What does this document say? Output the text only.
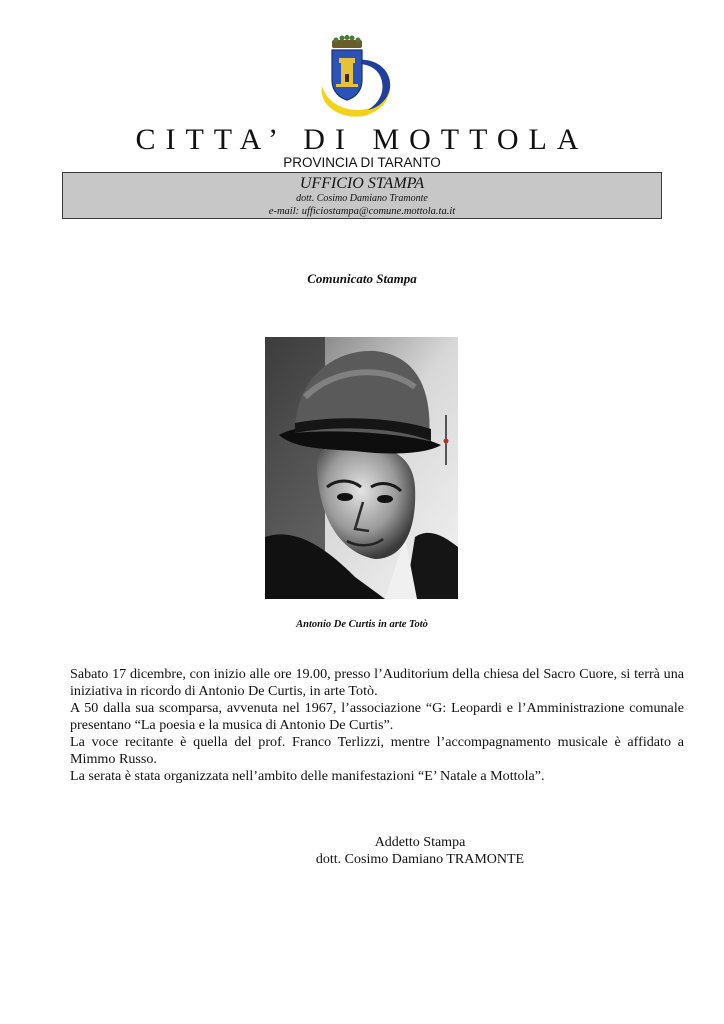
CITTA’ DI MOTTOLA
PROVINCIA DI TARANTO
UFFICIO STAMPA
dott. Cosimo Damiano Tramonte
e-mail: ufficiostampa@comune.mottola.ta.it
Comunicato Stampa
Antonio De Curtis in arte Totò

Sabato 17 dicembre, con inizio alle ore 19.00, presso l’Auditorium della chiesa del Sacro Cuore, si terrà una iniziativa in ricordo di Antonio De Curtis, in arte Totò.

A 50 dalla sua scomparsa, avvenuta nel 1967, l’associazione “G: Leopardi e l’Amministrazione comunale presentano “La poesia e la musica di Antonio De Curtis”.

La voce recitante è quella del prof. Franco Terlizzi, mentre l’accompagnamento musicale è affidato a Mimmo Russo.

La serata è stata organizzata nell’ambito delle manifestazioni “E’ Natale a Mottola”.

Addetto Stampa
dott. Cosimo Damiano TRAMONTE
